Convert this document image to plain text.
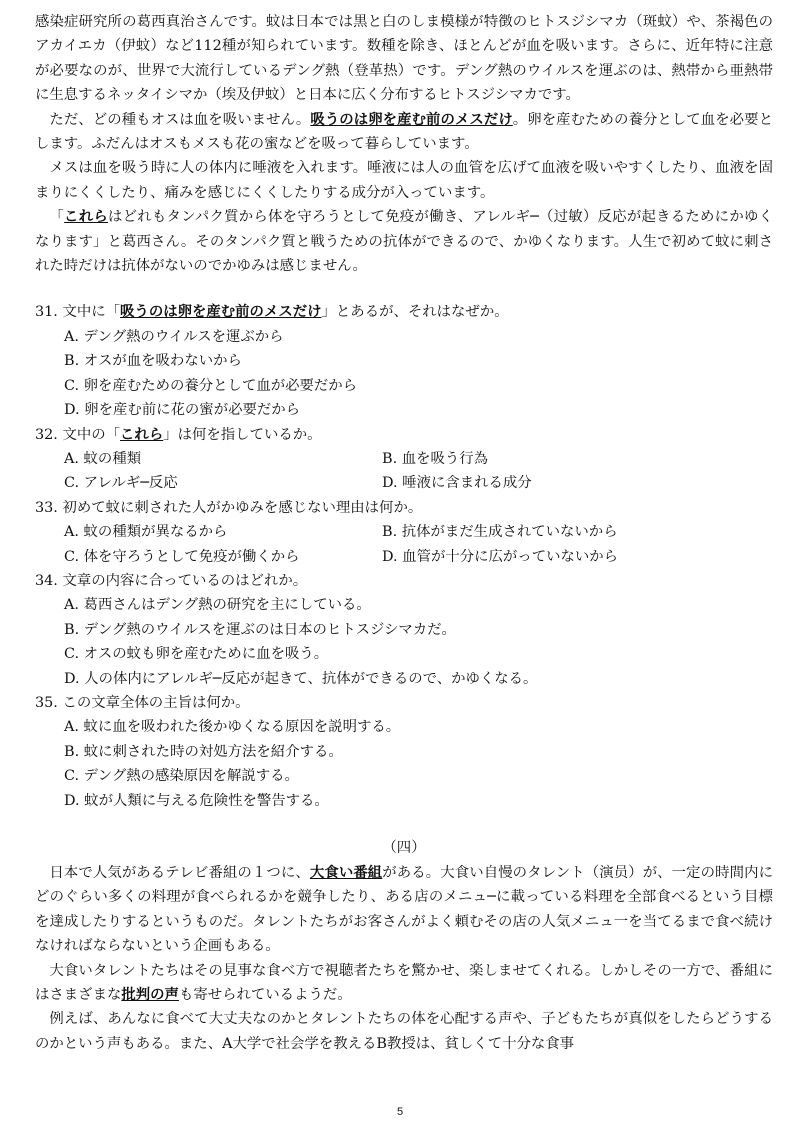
感染症研究所の葛西真治さんです。蚊は日本では黒と白のしま模様が特徴のヒトスジシマカ（斑蚊）や、茶褐色のアカイエカ（伊蚊）など112種が知られています。数種を除き、ほとんどが血を吸います。さらに、近年特に注意が必要なのが、世界で大流行しているデング熱（登革热）です。デング熱のウイルスを運ぶのは、熱帯から亜熱帯に生息するネッタイシマか（埃及伊蚊）と日本に広く分布するヒトスジシマカです。

ただ、どの種もオスは血を吸いません。吸うのは卵を産む前のメスだけ。卵を産むための養分として血を必要とします。ふだんはオスもメスも花の蜜などを吸って暮らしています。

メスは血を吸う時に人の体内に唾液を入れます。唾液には人の血管を広げて血液を吸いやすくしたり、血液を固まりにくくしたり、痛みを感じにくくしたりする成分が入っています。

「これらはどれもタンパク質から体を守ろうとして免疫が働き、アレルギ─（过敏）反応が起きるためにかゆくなります」と葛西さん。そのタンパク質と戦うための抗体ができるので、かゆくなります。人生で初めて蚊に刺された時だけは抗体がないのでかゆみは感じません。

31. 文中に「吸うのは卵を産む前のメスだけ」とあるが、それはなぜか。

A. デング熱のウイルスを運ぶから
B. オスが血を吸わないから
C. 卵を産むための養分として血が必要だから
D. 卵を産む前に花の蜜が必要だから

32. 文中の「これら」は何を指しているか。

A. 蚊の種類	B. 血を吸う行為
C. アレルギ─反応	D. 唾液に含まれる成分

33. 初めて蚊に刺された人がかゆみを感じない理由は何か。

A. 蚊の種類が異なるから	B. 抗体がまだ生成されていないから
C. 体を守ろうとして免疫が働くから	D. 血管が十分に広がっていないから

34. 文章の内容に合っているのはどれか。

A. 葛西さんはデング熱の研究を主にしている。
B. デング熱のウイルスを運ぶのは日本のヒトスジシマカだ。
C. オスの蚊も卵を産むために血を吸う。
D. 人の体内にアレルギ─反応が起きて、抗体ができるので、かゆくなる。

35. この文章全体の主旨は何か。

A. 蚊に血を吸われた後かゆくなる原因を説明する。
B. 蚊に刺された時の対処方法を紹介する。
C. デング熱の感染原因を解説する。
D. 蚊が人類に与える危険性を警告する。

（四）

日本で人気があるテレビ番組の１つに、大食い番組がある。大食い自慢のタレント（演员）が、一定の時間内にどのぐらい多くの料理が食べられるかを競争したり、ある店のメニュ─に載っている料理を全部食べるという目標を達成したりするというものだ。タレントたちがお客さんがよく頼むその店の人気メニュ一を当てるまで食べ続けなければならないという企画もある。

大食いタレントたちはその見事な食べ方で視聴者たちを驚かせ、楽しませてくれる。しかしその一方で、番組にはさまざまな批判の声も寄せられているようだ。

例えば、あんなに食べて大丈夫なのかとタレントたちの体を心配する声や、子どもたちが真似をしたらどうするのかという声もある。また、A大学で社会学を教えるB教授は、貧しくて十分な食事

5
